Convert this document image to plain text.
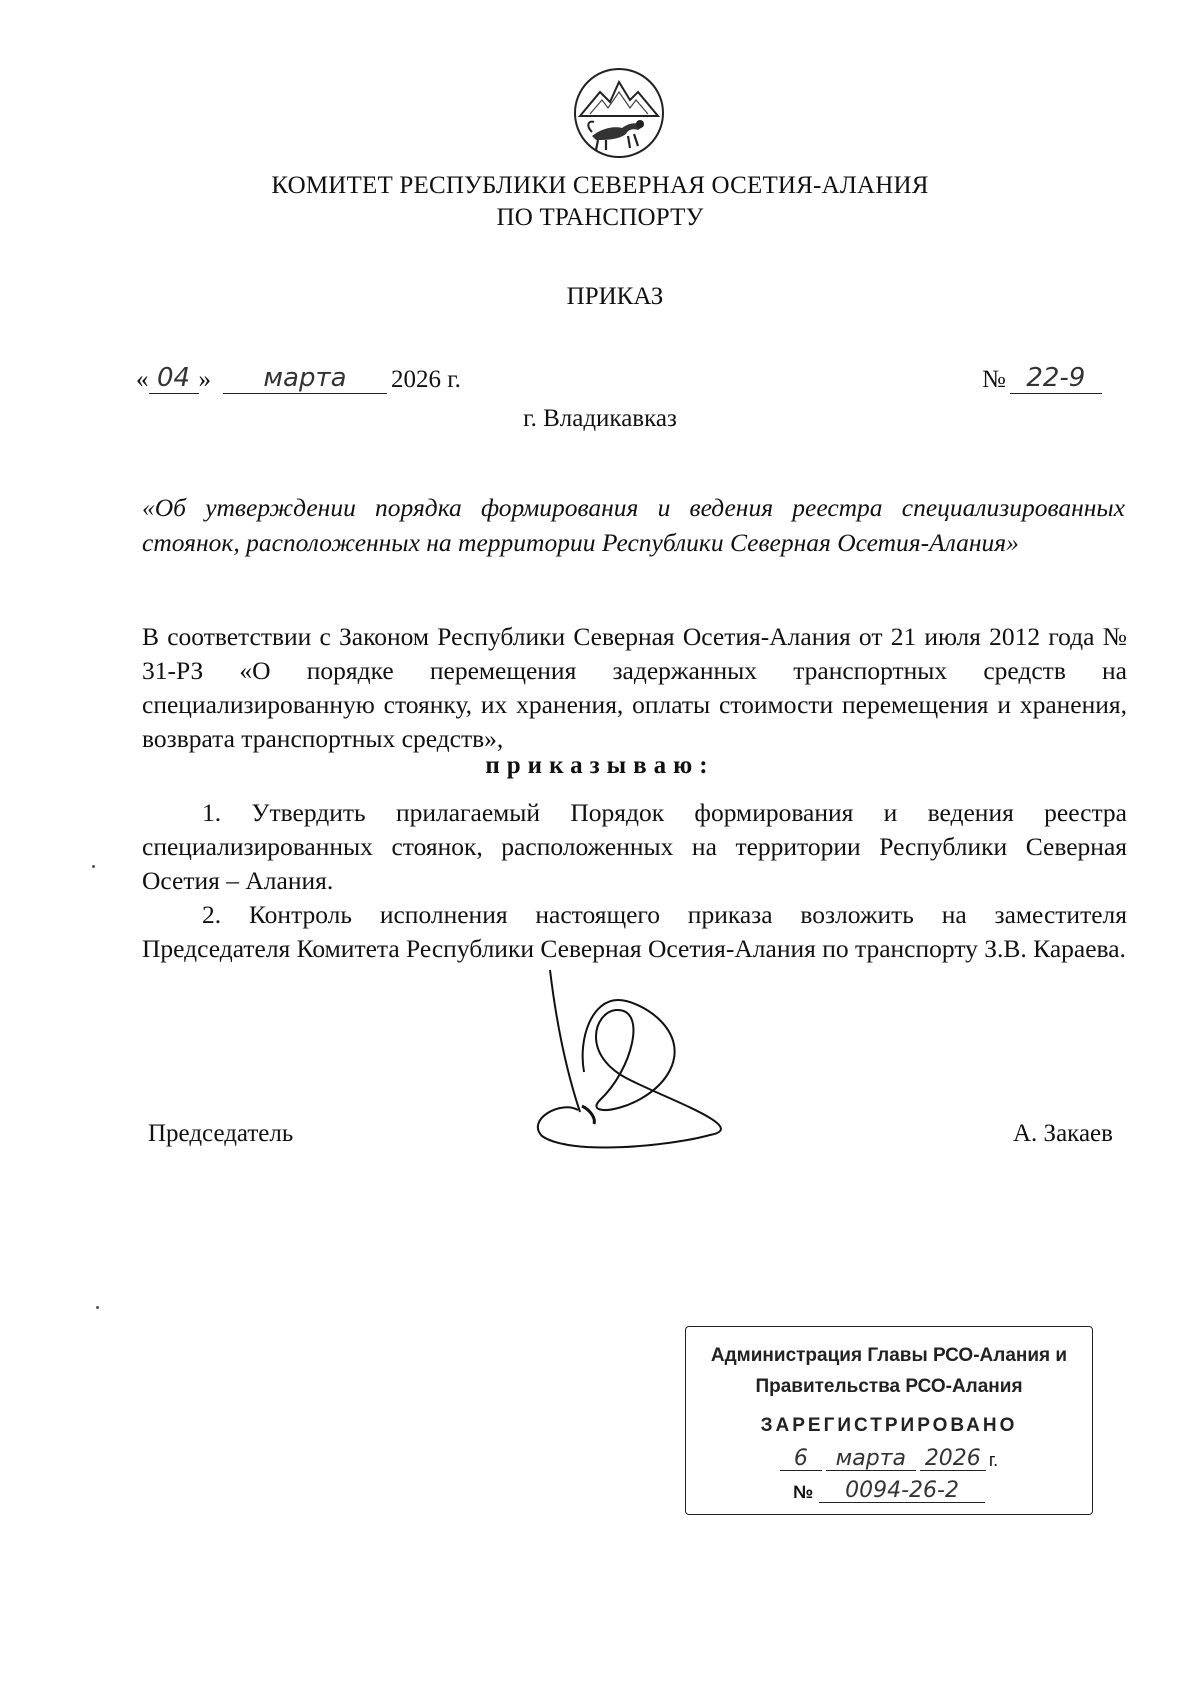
КОМИТЕТ РЕСПУБЛИКИ СЕВЕРНАЯ ОСЕТИЯ-АЛАНИЯ
ПО ТРАНСПОРТУ
ПРИКАЗ
« 04 »	марта	2026 г.	№ 22-9
г. Владикавказ
«Об утверждении порядка формирования и ведения реестра специализированных стоянок, расположенных на территории Республики Северная Осетия-Алания»
В соответствии с Законом Республики Северная Осетия-Алания от 21 июля 2012 года № 31-РЗ «О порядке перемещения задержанных транспортных средств на специализированную стоянку, их хранения, оплаты стоимости перемещения и хранения, возврата транспортных средств»,
приказываю:
1. Утвердить прилагаемый Порядок формирования и ведения реестра специализированных стоянок, расположенных на территории Республики Северная Осетия – Алания.
2. Контроль исполнения настоящего приказа возложить на заместителя Председателя Комитета Республики Северная Осетия-Алания по транспорту З.В. Караева.
Председатель	А. Закаев
Администрация Главы РСО-Алания и
Правительства РСО-Алания
ЗАРЕГИСТРИРОВАНО
6	марта 2026 г.
№	0094-26-2
